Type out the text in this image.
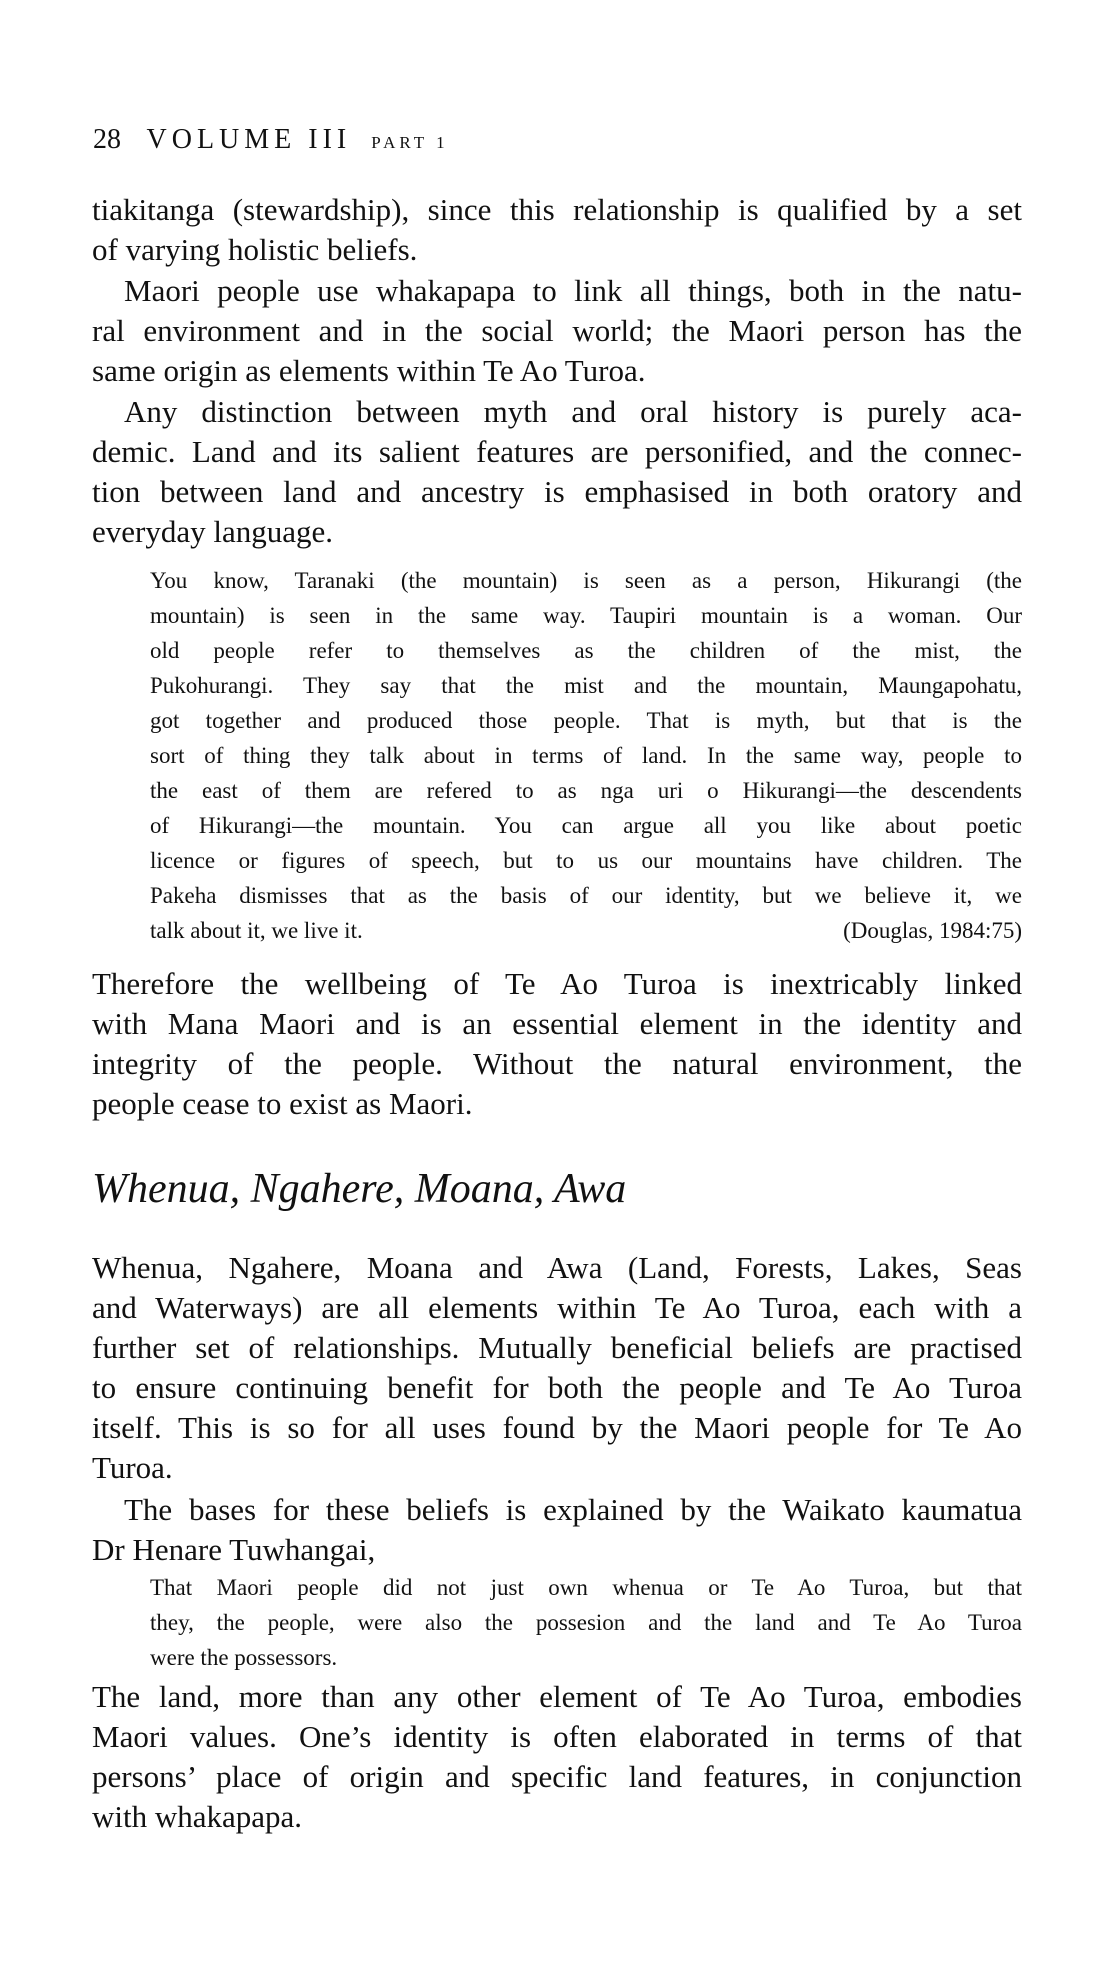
28 VOLUME III PART 1
tiakitanga (stewardship), since this relationship is qualified by a set
of varying holistic beliefs.
Maori people use whakapapa to link all things, both in the natu-
ral environment and in the social world; the Maori person has the
same origin as elements within Te Ao Turoa.
Any distinction between myth and oral history is purely aca-
demic. Land and its salient features are personified, and the connec-
tion between land and ancestry is emphasised in both oratory and
everyday language.
You know, Taranaki (the mountain) is seen as a person, Hikurangi (the
mountain) is seen in the same way. Taupiri mountain is a woman. Our
old people refer to themselves as the children of the mist, the
Pukohurangi. They say that the mist and the mountain, Maungapohatu,
got together and produced those people. That is myth, but that is the
sort of thing they talk about in terms of land. In the same way, people to
the east of them are refered to as nga uri o Hikurangi—the descendents
of Hikurangi—the mountain. You can argue all you like about poetic
licence or figures of speech, but to us our mountains have children. The
Pakeha dismisses that as the basis of our identity, but we believe it, we
talk about it, we live it.	(Douglas, 1984:75)
Therefore the wellbeing of Te Ao Turoa is inextricably linked
with Mana Maori and is an essential element in the identity and
integrity of the people. Without the natural environment, the
people cease to exist as Maori.
Whenua, Ngahere, Moana, Awa
Whenua, Ngahere, Moana and Awa (Land, Forests, Lakes, Seas
and Waterways) are all elements within Te Ao Turoa, each with a
further set of relationships. Mutually beneficial beliefs are practised
to ensure continuing benefit for both the people and Te Ao Turoa
itself. This is so for all uses found by the Maori people for Te Ao
Turoa.
The bases for these beliefs is explained by the Waikato kaumatua
Dr Henare Tuwhangai,
That Maori people did not just own whenua or Te Ao Turoa, but that
they, the people, were also the possesion and the land and Te Ao Turoa
were the possessors.
The land, more than any other element of Te Ao Turoa, embodies
Maori values. One’s identity is often elaborated in terms of that
persons’ place of origin and specific land features, in conjunction
with whakapapa.
